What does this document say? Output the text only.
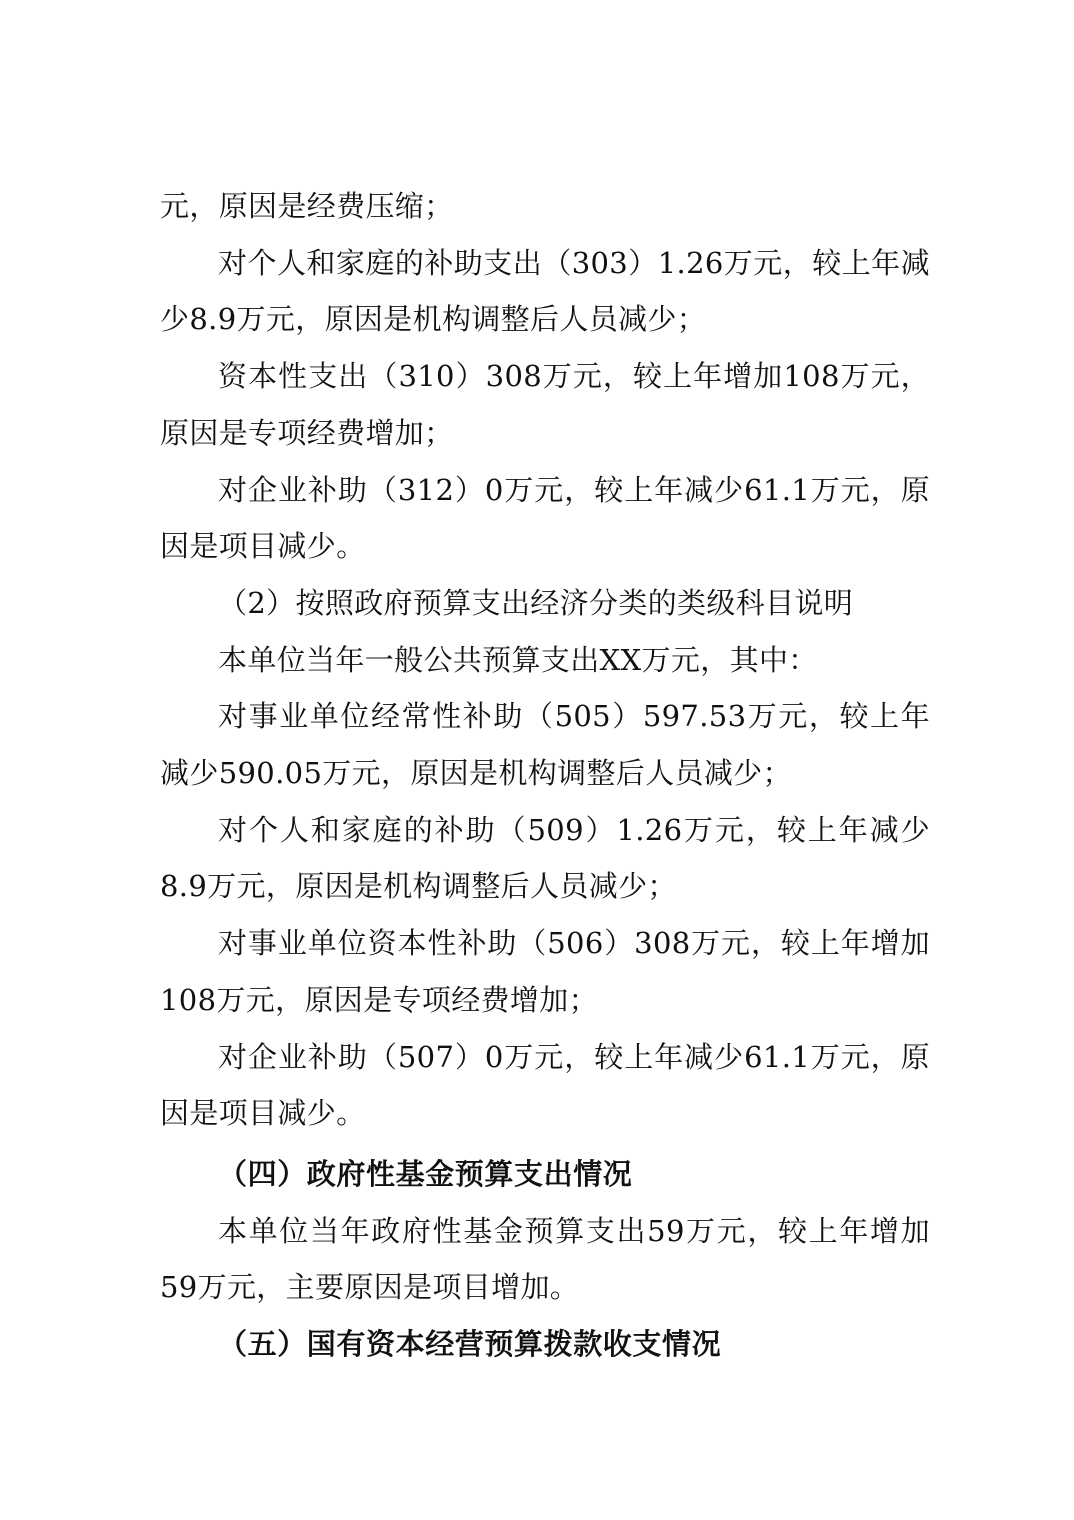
元，原因是经费压缩；

对个人和家庭的补助支出（303）1.26万元，较上年减少8.9万元，原因是机构调整后人员减少；

资本性支出（310）308万元，较上年增加108万元，原因是专项经费增加；

对企业补助（312）0万元，较上年减少61.1万元，原因是项目减少。

（2）按照政府预算支出经济分类的类级科目说明

本单位当年一般公共预算支出XX万元，其中：

对事业单位经常性补助（505）597.53万元，较上年减少590.05万元，原因是机构调整后人员减少；

对个人和家庭的补助（509）1.26万元，较上年减少8.9万元，原因是机构调整后人员减少；

对事业单位资本性补助（506）308万元，较上年增加108万元，原因是专项经费增加；

对企业补助（507）0万元，较上年减少61.1万元，原因是项目减少。

（四）政府性基金预算支出情况

本单位当年政府性基金预算支出59万元，较上年增加59万元，主要原因是项目增加。

（五）国有资本经营预算拨款收支情况
